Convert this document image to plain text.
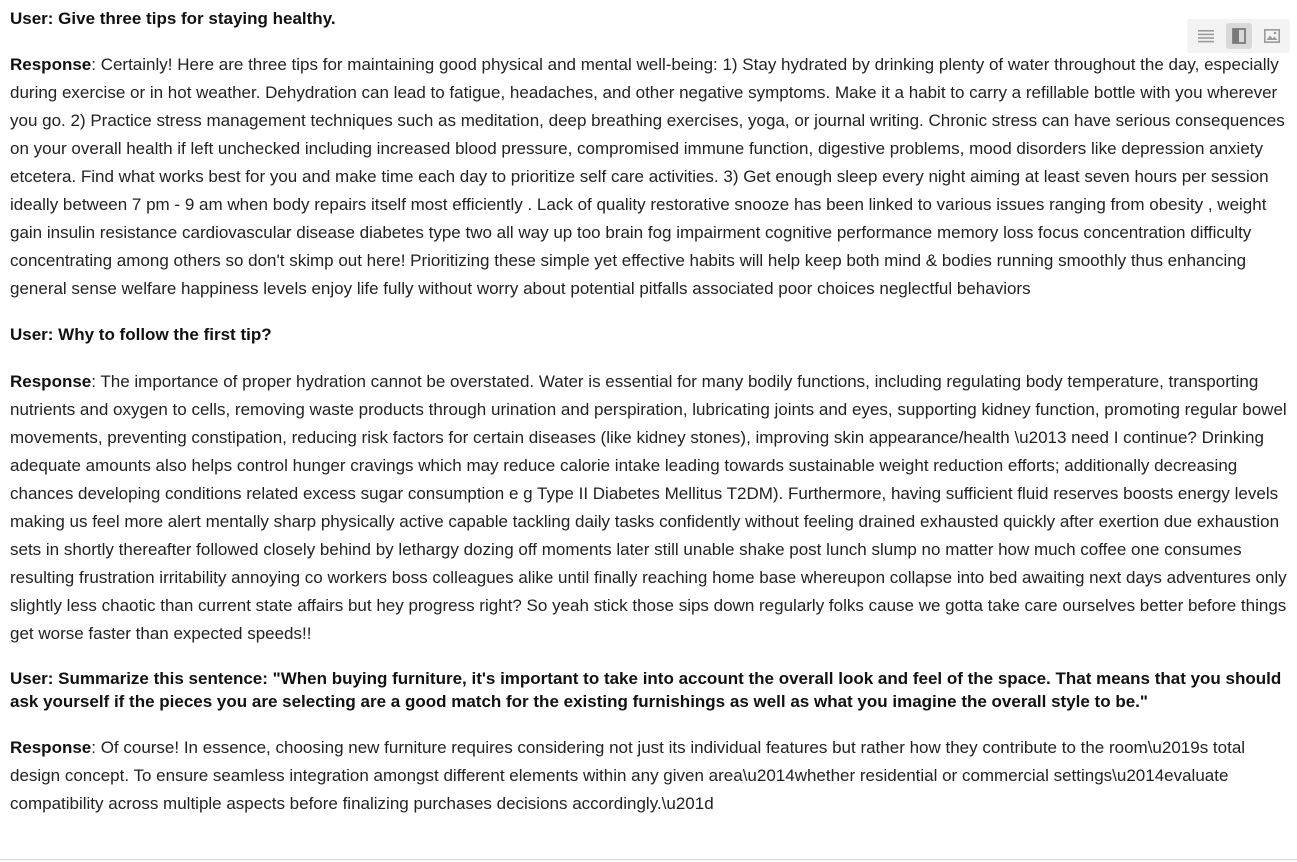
User: Give three tips for staying healthy.

Response: Certainly! Here are three tips for maintaining good physical and mental well-being: 1) Stay hydrated by drinking plenty of water throughout the day, especially during exercise or in hot weather. Dehydration can lead to fatigue, headaches, and other negative symptoms. Make it a habit to carry a refillable bottle with you wherever you go. 2) Practice stress management techniques such as meditation, deep breathing exercises, yoga, or journal writing. Chronic stress can have serious consequences on your overall health if left unchecked including increased blood pressure, compromised immune function, digestive problems, mood disorders like depression anxiety etcetera. Find what works best for you and make time each day to prioritize self care activities. 3) Get enough sleep every night aiming at least seven hours per session ideally between 7 pm - 9 am when body repairs itself most efficiently . Lack of quality restorative snooze has been linked to various issues ranging from obesity , weight gain insulin resistance cardiovascular disease diabetes type two all way up too brain fog impairment cognitive performance memory loss focus concentration difficulty concentrating among others so don't skimp out here! Prioritizing these simple yet effective habits will help keep both mind & bodies running smoothly thus enhancing general sense welfare happiness levels enjoy life fully without worry about potential pitfalls associated poor choices neglectful behaviors

User: Why to follow the first tip?

Response: The importance of proper hydration cannot be overstated. Water is essential for many bodily functions, including regulating body temperature, transporting nutrients and oxygen to cells, removing waste products through urination and perspiration, lubricating joints and eyes, supporting kidney function, promoting regular bowel movements, preventing constipation, reducing risk factors for certain diseases (like kidney stones), improving skin appearance/health \u2013 need I continue? Drinking adequate amounts also helps control hunger cravings which may reduce calorie intake leading towards sustainable weight reduction efforts; additionally decreasing chances developing conditions related excess sugar consumption e g Type II Diabetes Mellitus T2DM). Furthermore, having sufficient fluid reserves boosts energy levels making us feel more alert mentally sharp physically active capable tackling daily tasks confidently without feeling drained exhausted quickly after exertion due exhaustion sets in shortly thereafter followed closely behind by lethargy dozing off moments later still unable shake post lunch slump no matter how much coffee one consumes resulting frustration irritability annoying co workers boss colleagues alike until finally reaching home base whereupon collapse into bed awaiting next days adventures only slightly less chaotic than current state affairs but hey progress right? So yeah stick those sips down regularly folks cause we gotta take care ourselves better before things get worse faster than expected speeds!!

User: Summarize this sentence: "When buying furniture, it's important to take into account the overall look and feel of the space. That means that you should ask yourself if the pieces you are selecting are a good match for the existing furnishings as well as what you imagine the overall style to be."

Response: Of course! In essence, choosing new furniture requires considering not just its individual features but rather how they contribute to the room\u2019s total design concept. To ensure seamless integration amongst different elements within any given area\u2014whether residential or commercial settings\u2014evaluate compatibility across multiple aspects before finalizing purchases decisions accordingly.\u201d
